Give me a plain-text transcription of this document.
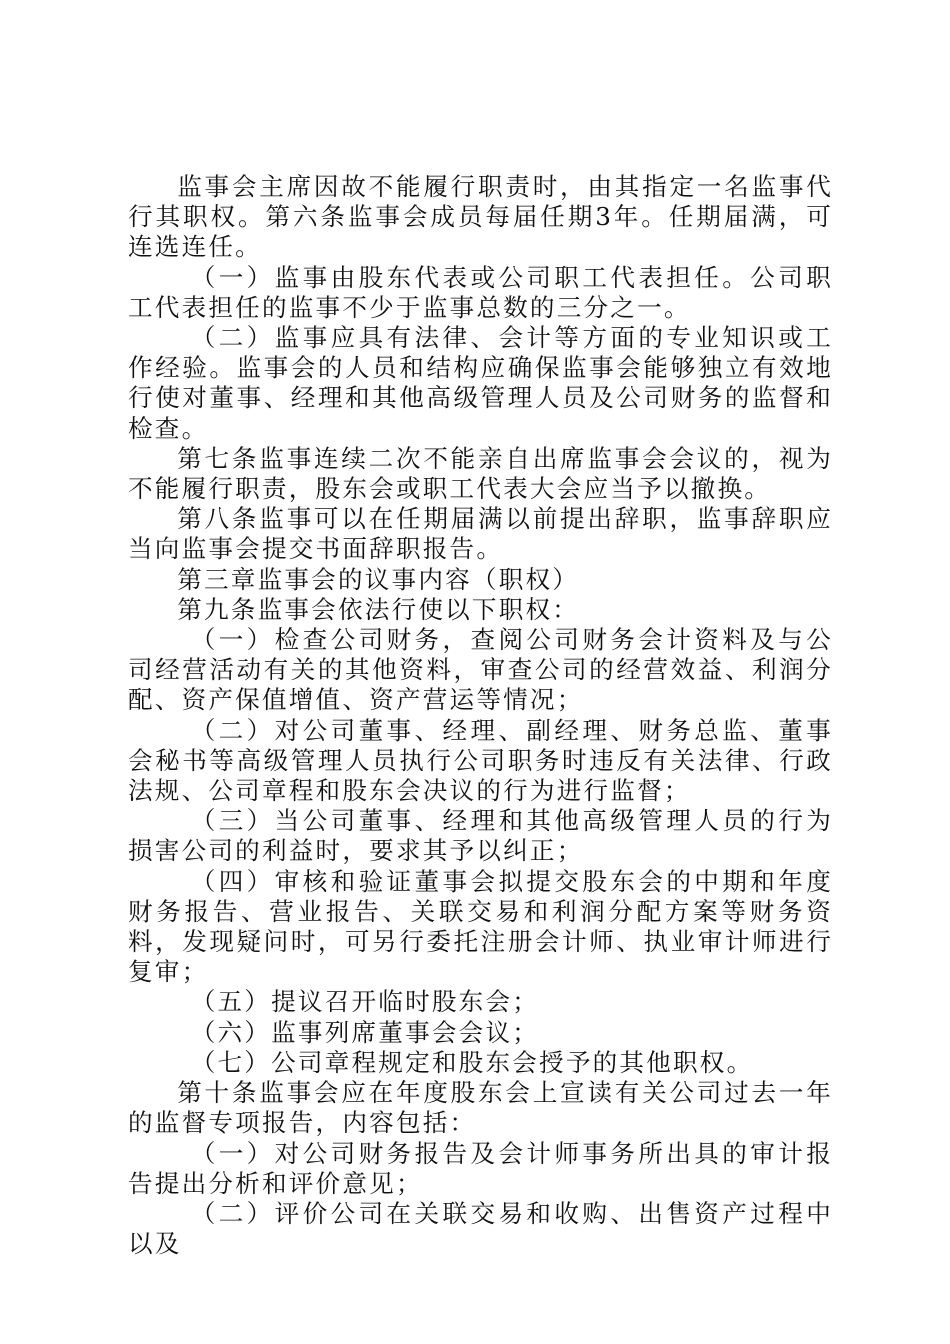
监事会主席因故不能履行职责时，由其指定一名监事代行其职权。第六条监事会成员每届任期3年。任期届满，可连选连任。

（一）监事由股东代表或公司职工代表担任。公司职工代表担任的监事不少于监事总数的三分之一。

（二）监事应具有法律、会计等方面的专业知识或工作经验。监事会的人员和结构应确保监事会能够独立有效地行使对董事、经理和其他高级管理人员及公司财务的监督和检查。

第七条监事连续二次不能亲自出席监事会会议的，视为不能履行职责，股东会或职工代表大会应当予以撤换。

第八条监事可以在任期届满以前提出辞职，监事辞职应当向监事会提交书面辞职报告。

第三章监事会的议事内容（职权）

第九条监事会依法行使以下职权：

（一）检查公司财务，查阅公司财务会计资料及与公司经营活动有关的其他资料，审查公司的经营效益、利润分配、资产保值增值、资产营运等情况；

（二）对公司董事、经理、副经理、财务总监、董事会秘书等高级管理人员执行公司职务时违反有关法律、行政法规、公司章程和股东会决议的行为进行监督；

（三）当公司董事、经理和其他高级管理人员的行为损害公司的利益时，要求其予以纠正；

（四）审核和验证董事会拟提交股东会的中期和年度财务报告、营业报告、关联交易和利润分配方案等财务资料，发现疑问时，可另行委托注册会计师、执业审计师进行复审；

（五）提议召开临时股东会；

（六）监事列席董事会会议；

（七）公司章程规定和股东会授予的其他职权。

第十条监事会应在年度股东会上宣读有关公司过去一年的监督专项报告，内容包括：

（一）对公司财务报告及会计师事务所出具的审计报告提出分析和评价意见；

（二）评价公司在关联交易和收购、出售资产过程中以及
